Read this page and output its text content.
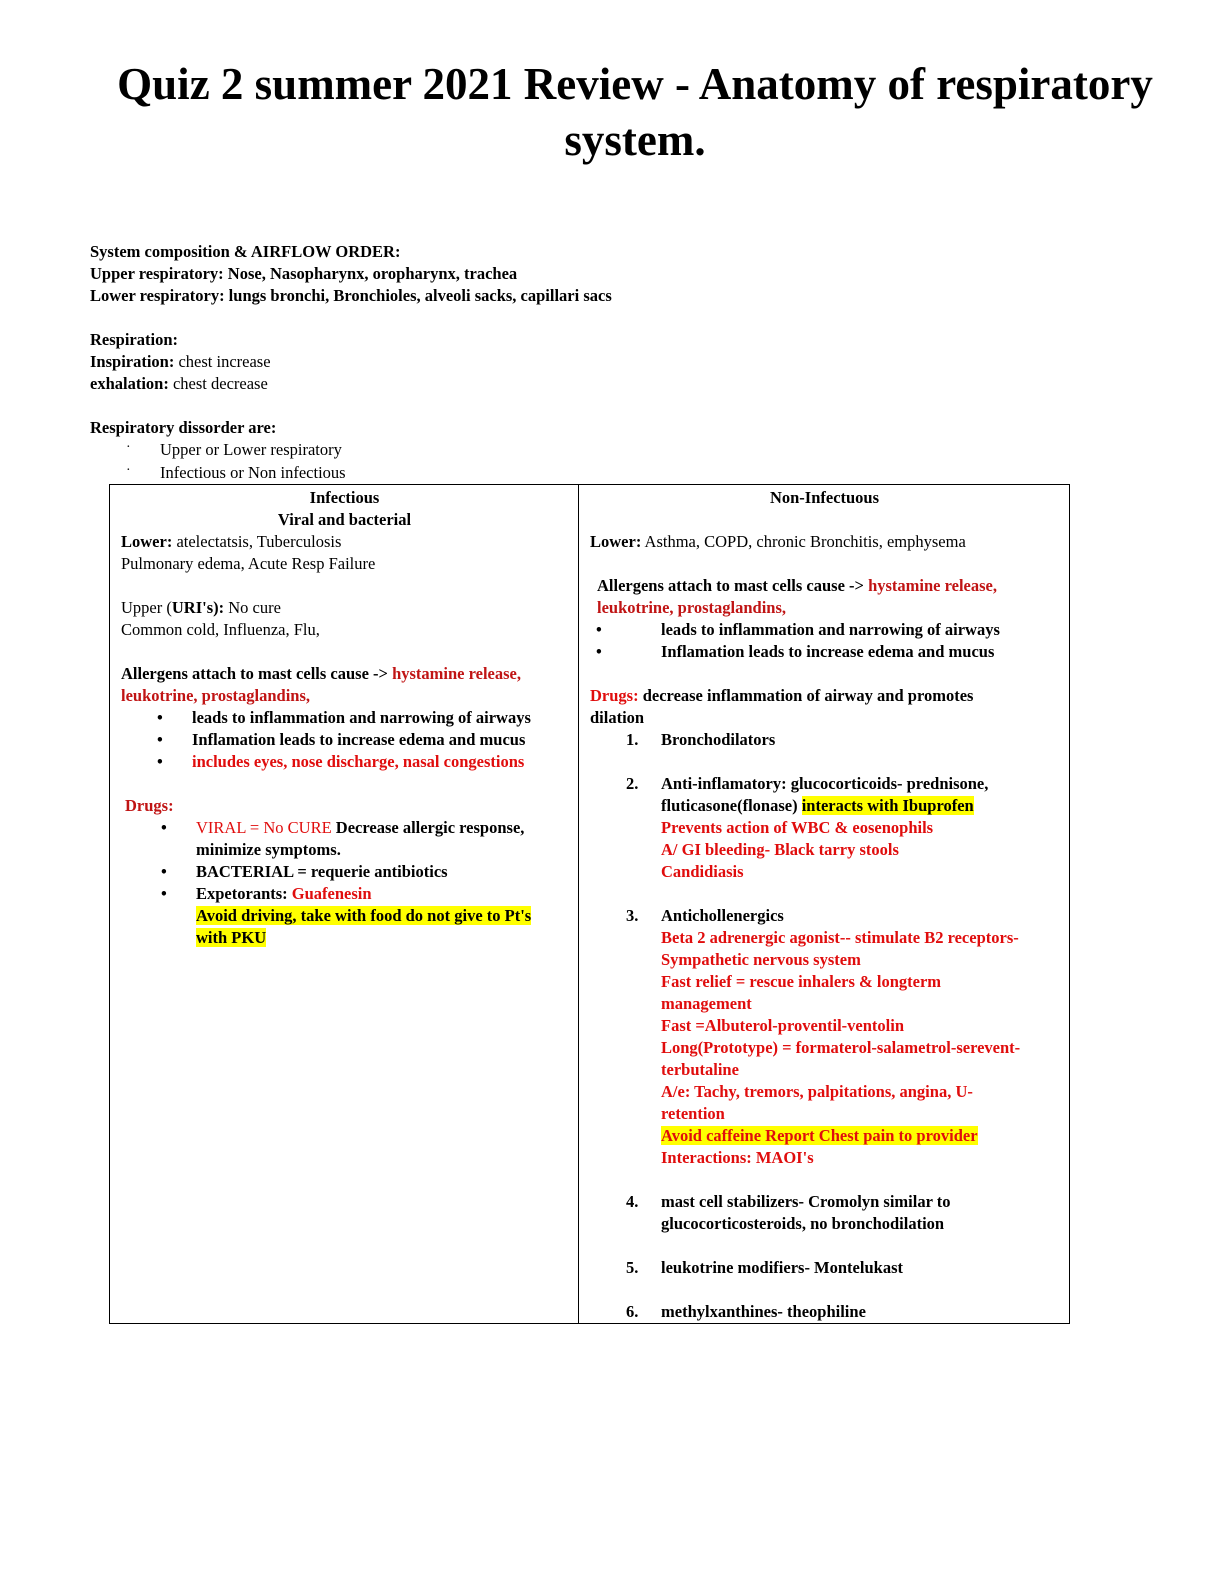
Quiz 2 summer 2021 Review - Anatomy of respiratory system.
System composition & AIRFLOW ORDER:
Upper respiratory: Nose, Nasopharynx, oropharynx, trachea
Lower respiratory: lungs bronchi, Bronchioles, alveoli sacks, capillari sacs
Respiration:
Inspiration: chest increase
exhalation: chest decrease
Respiratory dissorder are:
· Upper or Lower respiratory
· Infectious or Non infectious
Infectious
Viral and bacterial
Lower: atelectatsis, Tuberculosis
Pulmonary edema, Acute Resp Failure
Upper (URI's): No cure
Common cold, Influenza, Flu,
Allergens attach to mast cells cause -> hystamine release,
leukotrine, prostaglandins,
• leads to inflammation and narrowing of airways
• Inflamation leads to increase edema and mucus
• includes eyes, nose discharge, nasal congestions
Drugs:
• VIRAL = No CURE Decrease allergic response,
minimize symptoms.
• BACTERIAL = requerie antibiotics
• Expetorants: Guafenesin
Avoid driving, take with food do not give to Pt's
with PKU

Non-Infectuous
Lower: Asthma, COPD, chronic Bronchitis, emphysema
Allergens attach to mast cells cause -> hystamine release,
leukotrine, prostaglandins,
•	leads to inflammation and narrowing of airways
•	Inflamation leads to increase edema and mucus
Drugs: decrease inflammation of airway and promotes
dilation
1. Bronchodilators
2. Anti-inflamatory: glucocorticoids- prednisone,
fluticasone(flonase) interacts with Ibuprofen
Prevents action of WBC & eosenophils
A/ GI bleeding- Black tarry stools
Candidiasis
3. Antichollenergics
Beta 2 adrenergic agonist-- stimulate B2 receptors-
Sympathetic nervous system
Fast relief = rescue inhalers & longterm
management
Fast =Albuterol-proventil-ventolin
Long(Prototype) = formaterol-salametrol-serevent-
terbutaline
A/e: Tachy, tremors, palpitations, angina, U-
retention
Avoid caffeine Report Chest pain to provider
Interactions: MAOI's
4. mast cell stabilizers- Cromolyn similar to
glucocorticosteroids, no bronchodilation
5. leukotrine modifiers- Montelukast
6. methylxanthines- theophiline
